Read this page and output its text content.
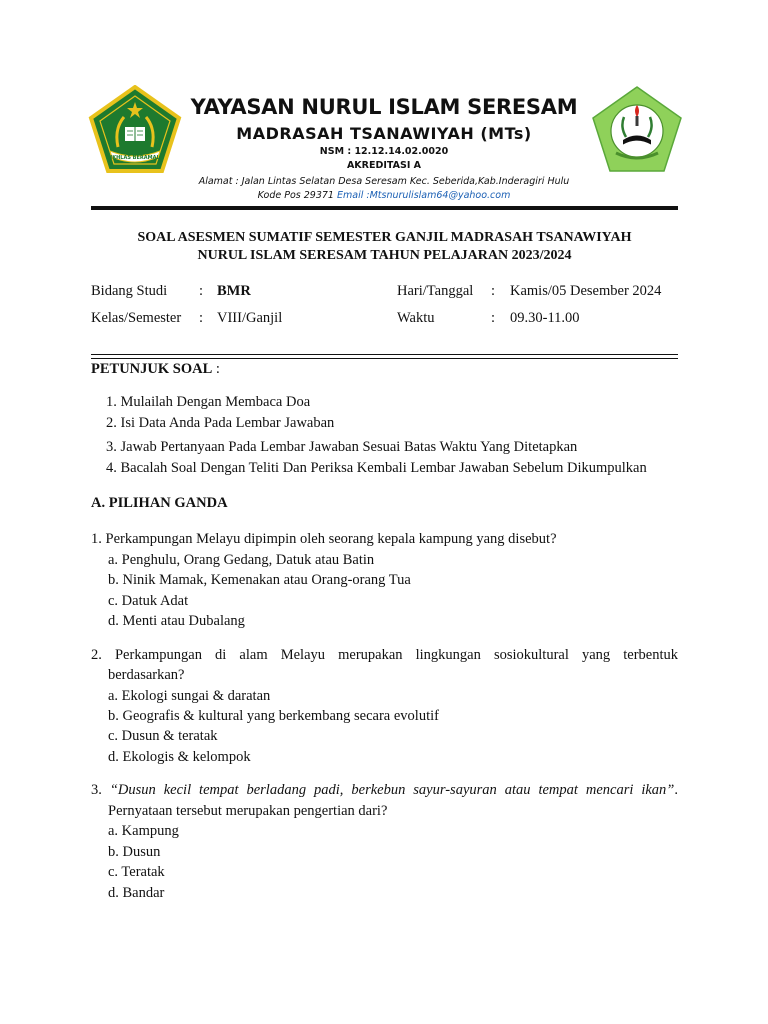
IKHLAS BERAMAL
YAYASAN NURUL ISLAM SERESAM
MADRASAH TSANAWIYAH (MTs)
NSM : 12.12.14.02.0020
AKREDITASI A
Alamat : Jalan Lintas Selatan Desa Seresam Kec. Seberida,Kab.Inderagiri Hulu
Kode Pos 29371 Email :Mtsnurulislam64@yahoo.com
SOAL ASESMEN SUMATIF SEMESTER GANJIL MADRASAH TSANAWIYAH
NURUL ISLAM SERESAM TAHUN PELAJARAN 2023/2024
Bidang Studi : BMR	Hari/Tanggal : Kamis/05 Desember 2024
Kelas/Semester : VIII/Ganjil	Waktu	: 09.30-11.00
PETUNJUK SOAL :
1. Mulailah Dengan Membaca Doa
2. Isi Data Anda Pada Lembar Jawaban
3. Jawab Pertanyaan Pada Lembar Jawaban Sesuai Batas Waktu Yang Ditetapkan
4. Bacalah Soal Dengan Teliti Dan Periksa Kembali Lembar Jawaban Sebelum Dikumpulkan
A. PILIHAN GANDA
1. Perkampungan Melayu dipimpin oleh seorang kepala kampung yang disebut?
a. Penghulu, Orang Gedang, Datuk atau Batin
b. Ninik Mamak, Kemenakan atau Orang-orang Tua
c. Datuk Adat
d. Menti atau Dubalang
2. Perkampungan di alam Melayu merupakan lingkungan sosiokultural yang terbentuk
berdasarkan?
a. Ekologi sungai & daratan
b. Geografis & kultural yang berkembang secara evolutif
c. Dusun & teratak
d. Ekologis & kelompok
3. “Dusun kecil tempat berladang padi, berkebun sayur-sayuran atau tempat mencari ikan”.
Pernyataan tersebut merupakan pengertian dari?
a. Kampung
b. Dusun
c. Teratak
d. Bandar
